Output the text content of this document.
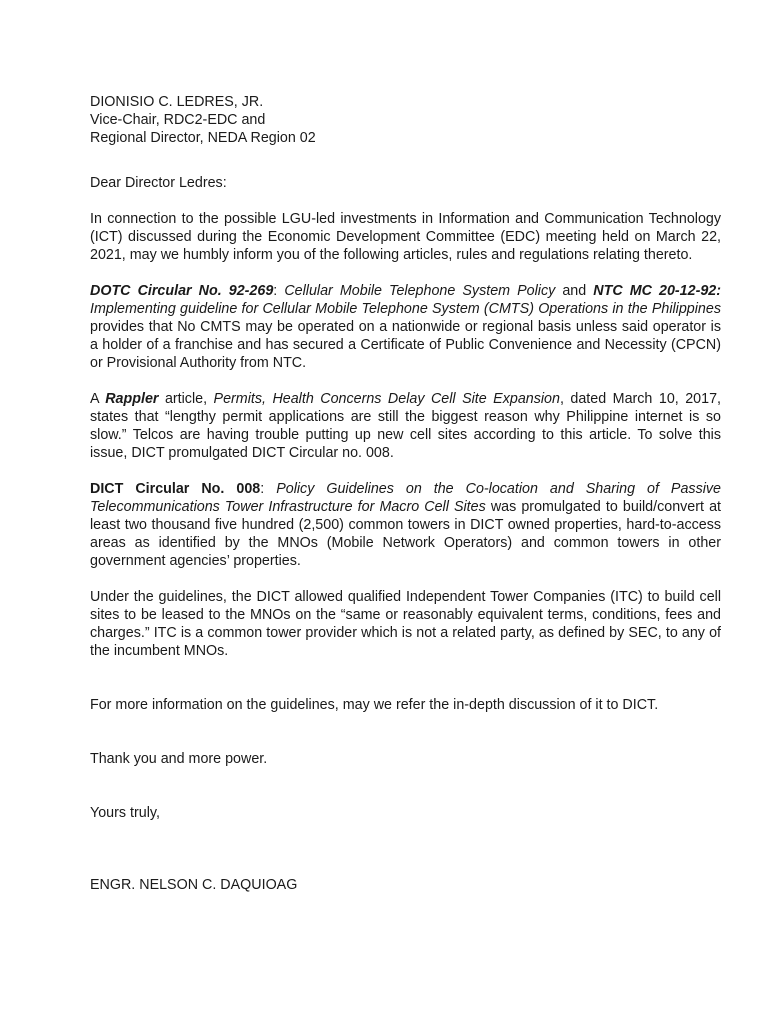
DIONISIO C. LEDRES, JR.
Vice-Chair, RDC2-EDC and
Regional Director, NEDA Region 02
Dear Director Ledres:

In connection to the possible LGU-led investments in Information and Communication Technology (ICT) discussed during the Economic Development Committee (EDC) meeting held on March 22, 2021, may we humbly inform you of the following articles, rules and regulations relating thereto.

DOTC Circular No. 92-269: Cellular Mobile Telephone System Policy and NTC MC 20-12-92: Implementing guideline for Cellular Mobile Telephone System (CMTS) Operations in the Philippines provides that No CMTS may be operated on a nationwide or regional basis unless said operator is a holder of a franchise and has secured a Certificate of Public Convenience and Necessity (CPCN) or Provisional Authority from NTC.

A Rappler article, Permits, Health Concerns Delay Cell Site Expansion, dated March 10, 2017, states that “lengthy permit applications are still the biggest reason why Philippine internet is so slow.” Telcos are having trouble putting up new cell sites according to this article. To solve this issue, DICT promulgated DICT Circular no. 008.

DICT Circular No. 008: Policy Guidelines on the Co-location and Sharing of Passive Telecommunications Tower Infrastructure for Macro Cell Sites was promulgated to build/convert at least two thousand five hundred (2,500) common towers in DICT owned properties, hard-to-access areas as identified by the MNOs (Mobile Network Operators) and common towers in other government agencies’ properties.

Under the guidelines, the DICT allowed qualified Independent Tower Companies (ITC) to build cell sites to be leased to the MNOs on the “same or reasonably equivalent terms, conditions, fees and charges.” ITC is a common tower provider which is not a related party, as defined by SEC, to any of the incumbent MNOs.

For more information on the guidelines, may we refer the in-depth discussion of it to DICT.

Thank you and more power.
Yours truly,
ENGR. NELSON C. DAQUIOAG
